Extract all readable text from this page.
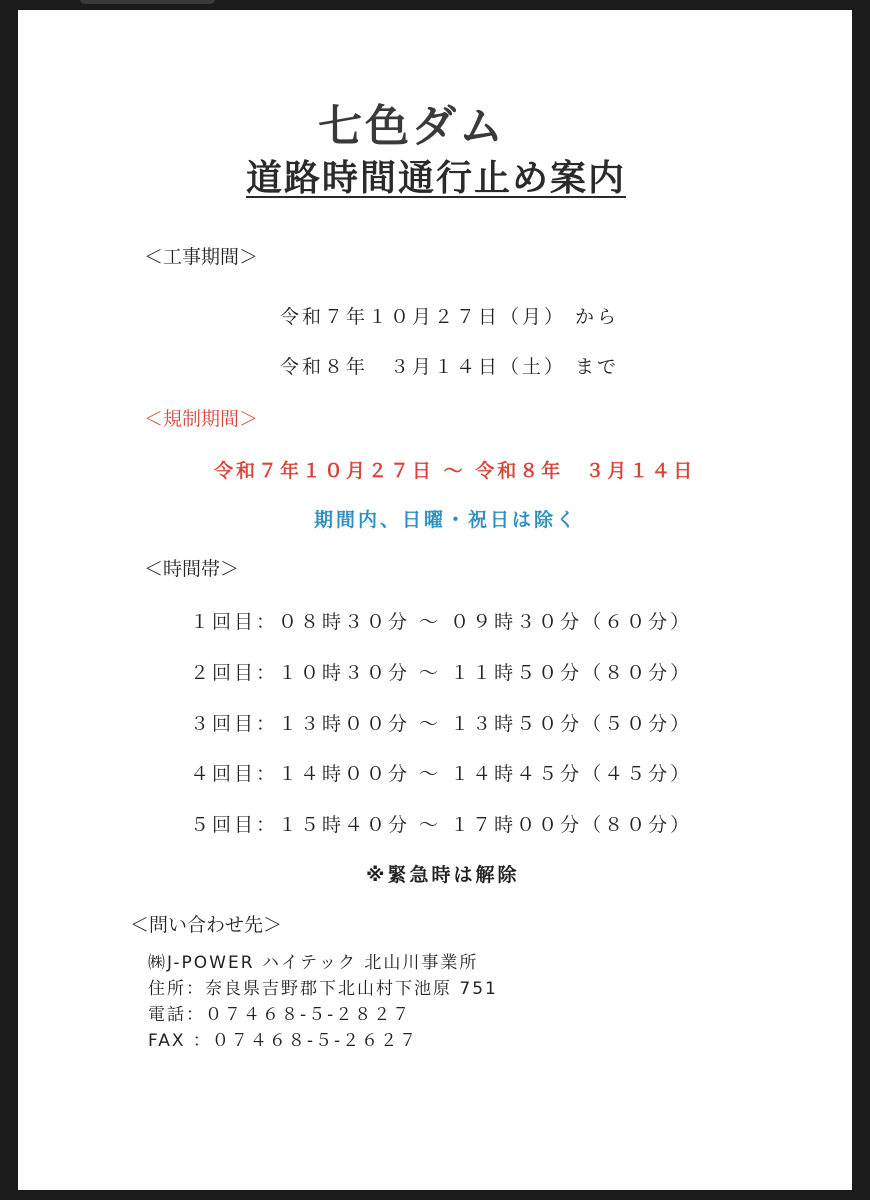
七色ダム
道路時間通行止め案内
＜工事期間＞
令和７年１０月２７日（月） から
令和８年　３月１４日（土） まで
＜規制期間＞
令和７年１０月２７日 ～ 令和８年　３月１４日
期間内、日曜・祝日は除く
＜時間帯＞
１回目：０８時３０分 ～ ０９時３０分（６０分）
２回目：１０時３０分 ～ １１時５０分（８０分）
３回目：１３時００分 ～ １３時５０分（５０分）
４回目：１４時００分 ～ １４時４５分（４５分）
５回目：１５時４０分 ～ １７時００分（８０分）
※緊急時は解除
＜問い合わせ先＞
㈱J-POWER ハイテック 北山川事業所
住所：奈良県吉野郡下北山村下池原 751
電話：０７４６８-５-２８２７
FAX ：０７４６８-５-２６２７
